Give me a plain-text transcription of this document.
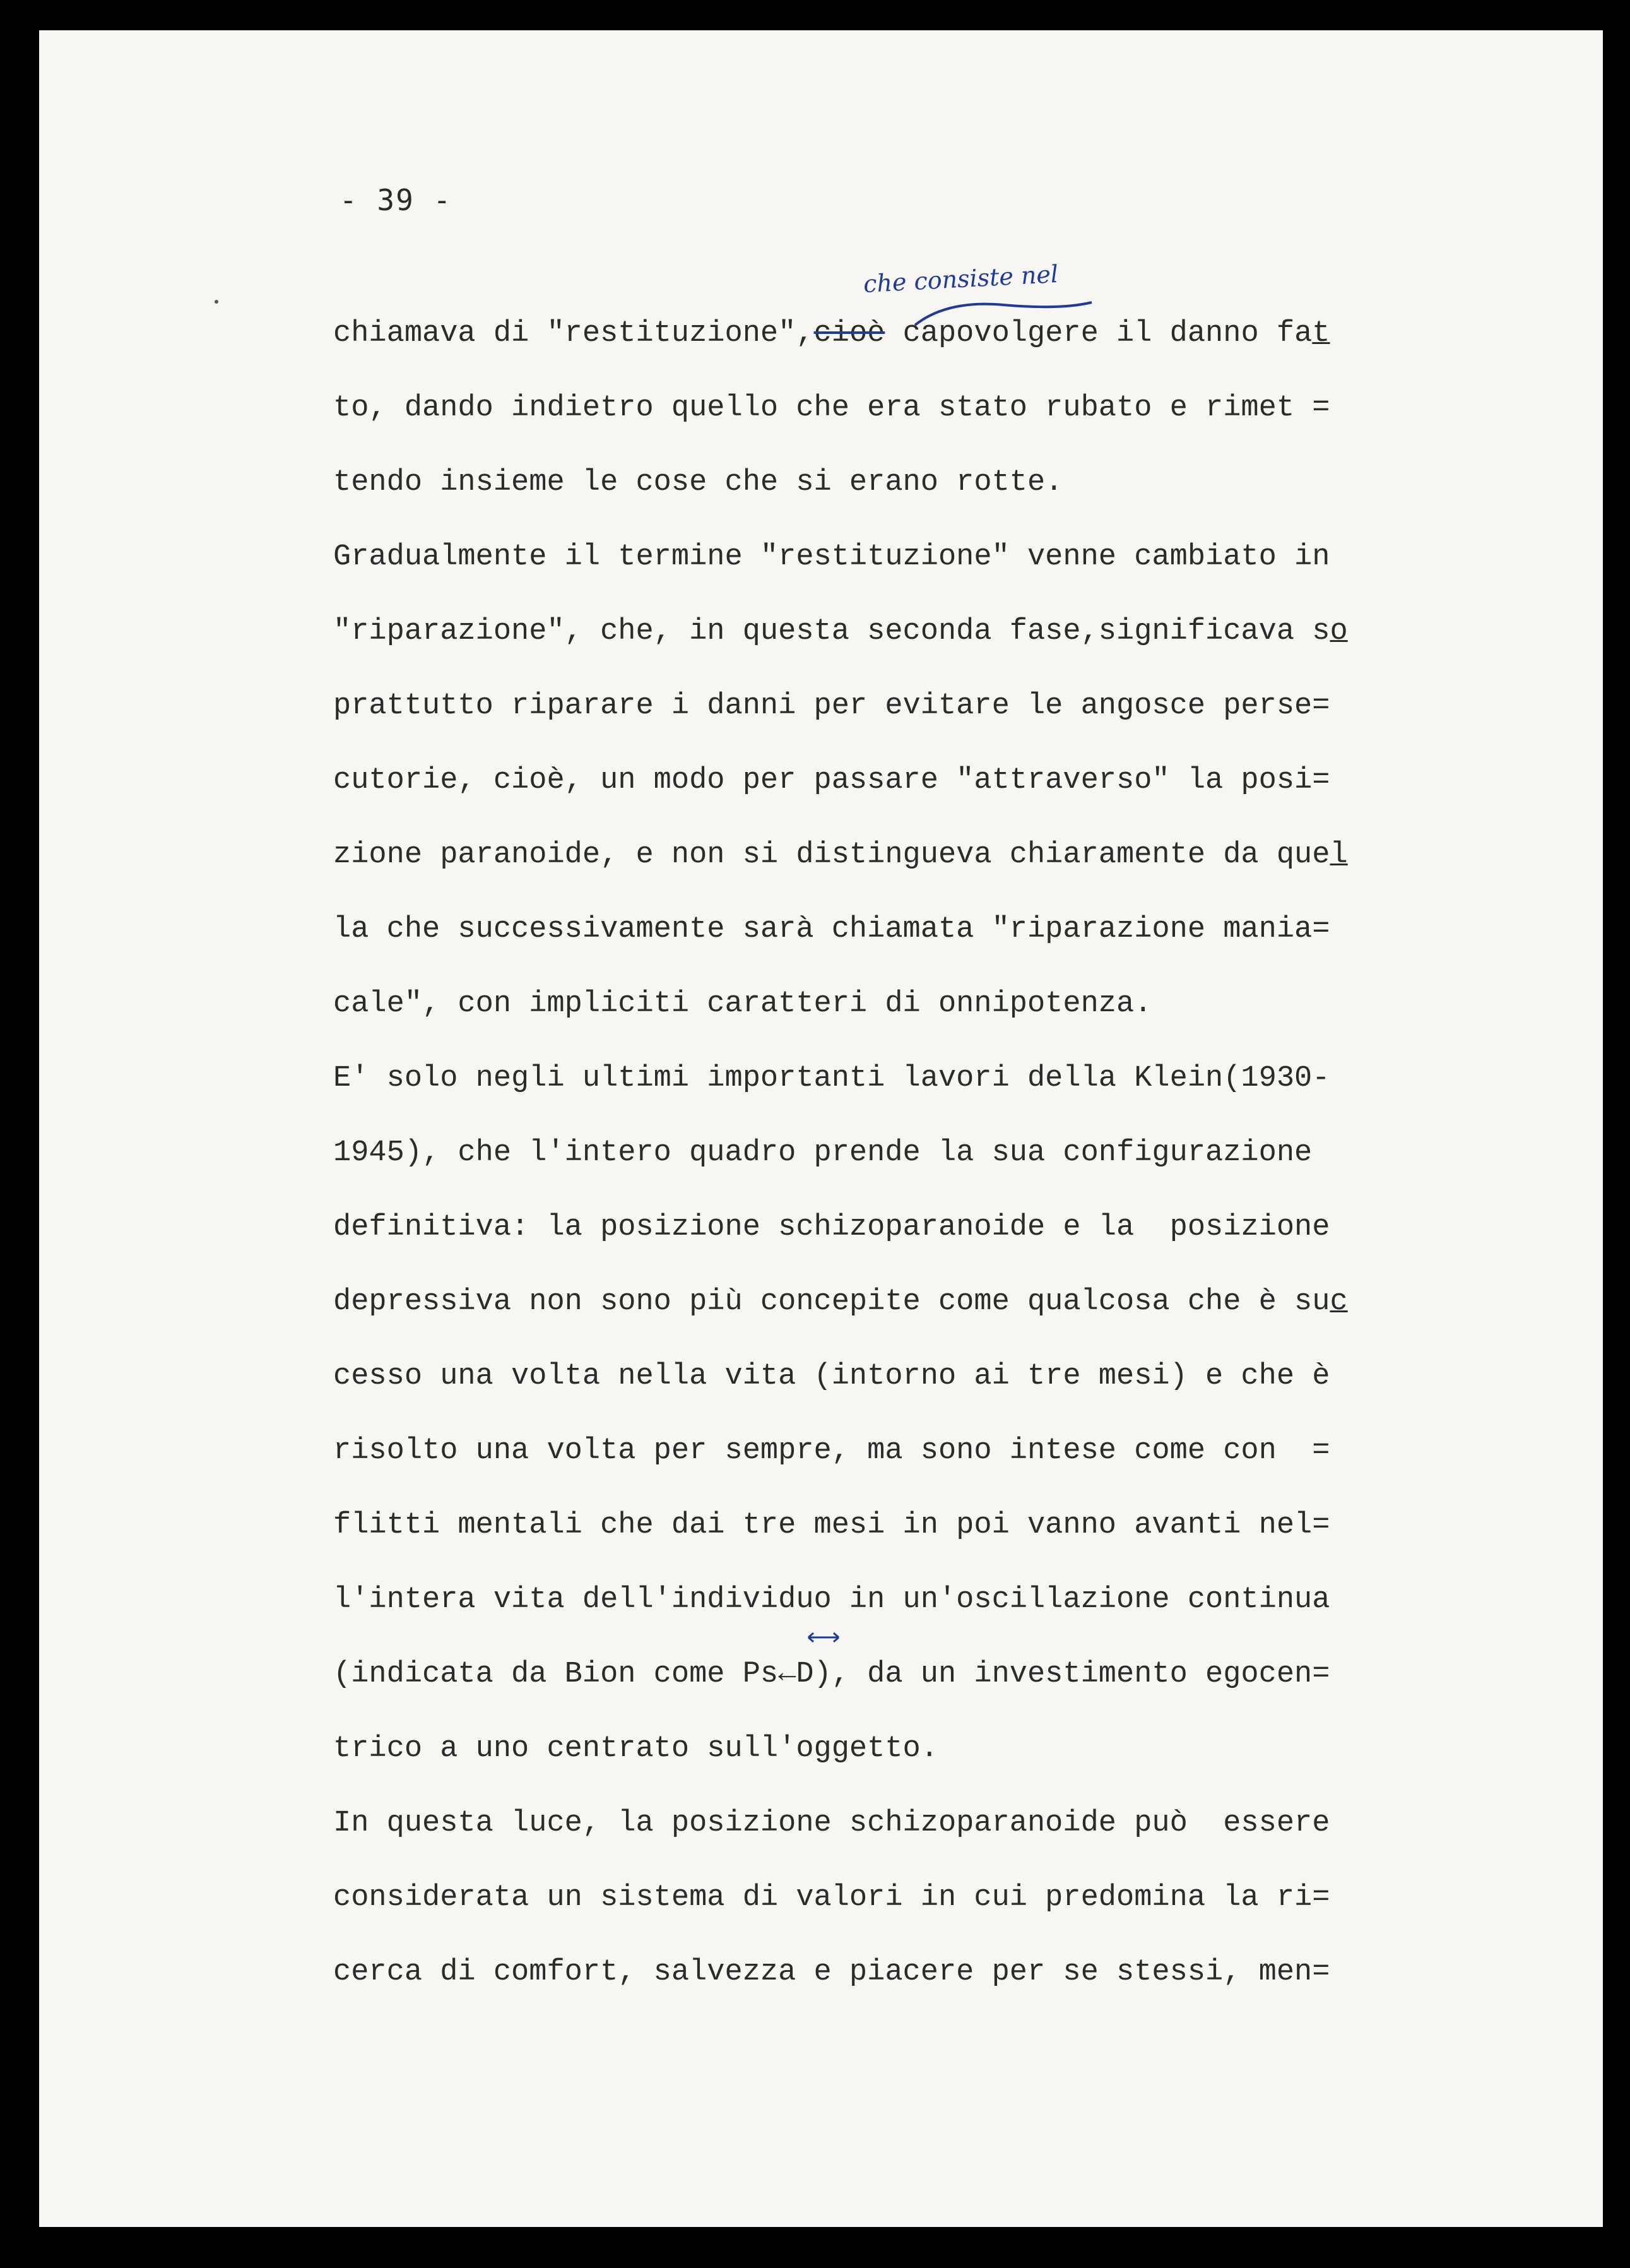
- 39 -
che consiste nel
chiamava di "restituzione",cioè capovolgere il danno fat
to, dando indietro quello che era stato rubato e rimet =
tendo insieme le cose che si erano rotte.
Gradualmente il termine "restituzione" venne cambiato in
"riparazione", che, in questa seconda fase,significava so
prattutto riparare i danni per evitare le angosce perse=
cutorie, cioè, un modo per passare "attraverso" la posi=
zione paranoide, e non si distingueva chiaramente da quel
la che successivamente sarà chiamata "riparazione mania=
cale", con impliciti caratteri di onnipotenza.
E' solo negli ultimi importanti lavori della Klein(1930-
1945), che l'intero quadro prende la sua configurazione
definitiva: la posizione schizoparanoide e la  posizione
depressiva non sono più concepite come qualcosa che è suc
cesso una volta nella vita (intorno ai tre mesi) e che è
risolto una volta per sempre, ma sono intese come con  =
flitti mentali che dai tre mesi in poi vanno avanti nel=
l'intera vita dell'individuo in un'oscillazione continua
(indicata da Bion come Ps←D), da un investimento egocen=
trico a uno centrato sull'oggetto.
In questa luce, la posizione schizoparanoide può  essere
considerata un sistema di valori in cui predomina la ri=
cerca di comfort, salvezza e piacere per se stessi, men=
